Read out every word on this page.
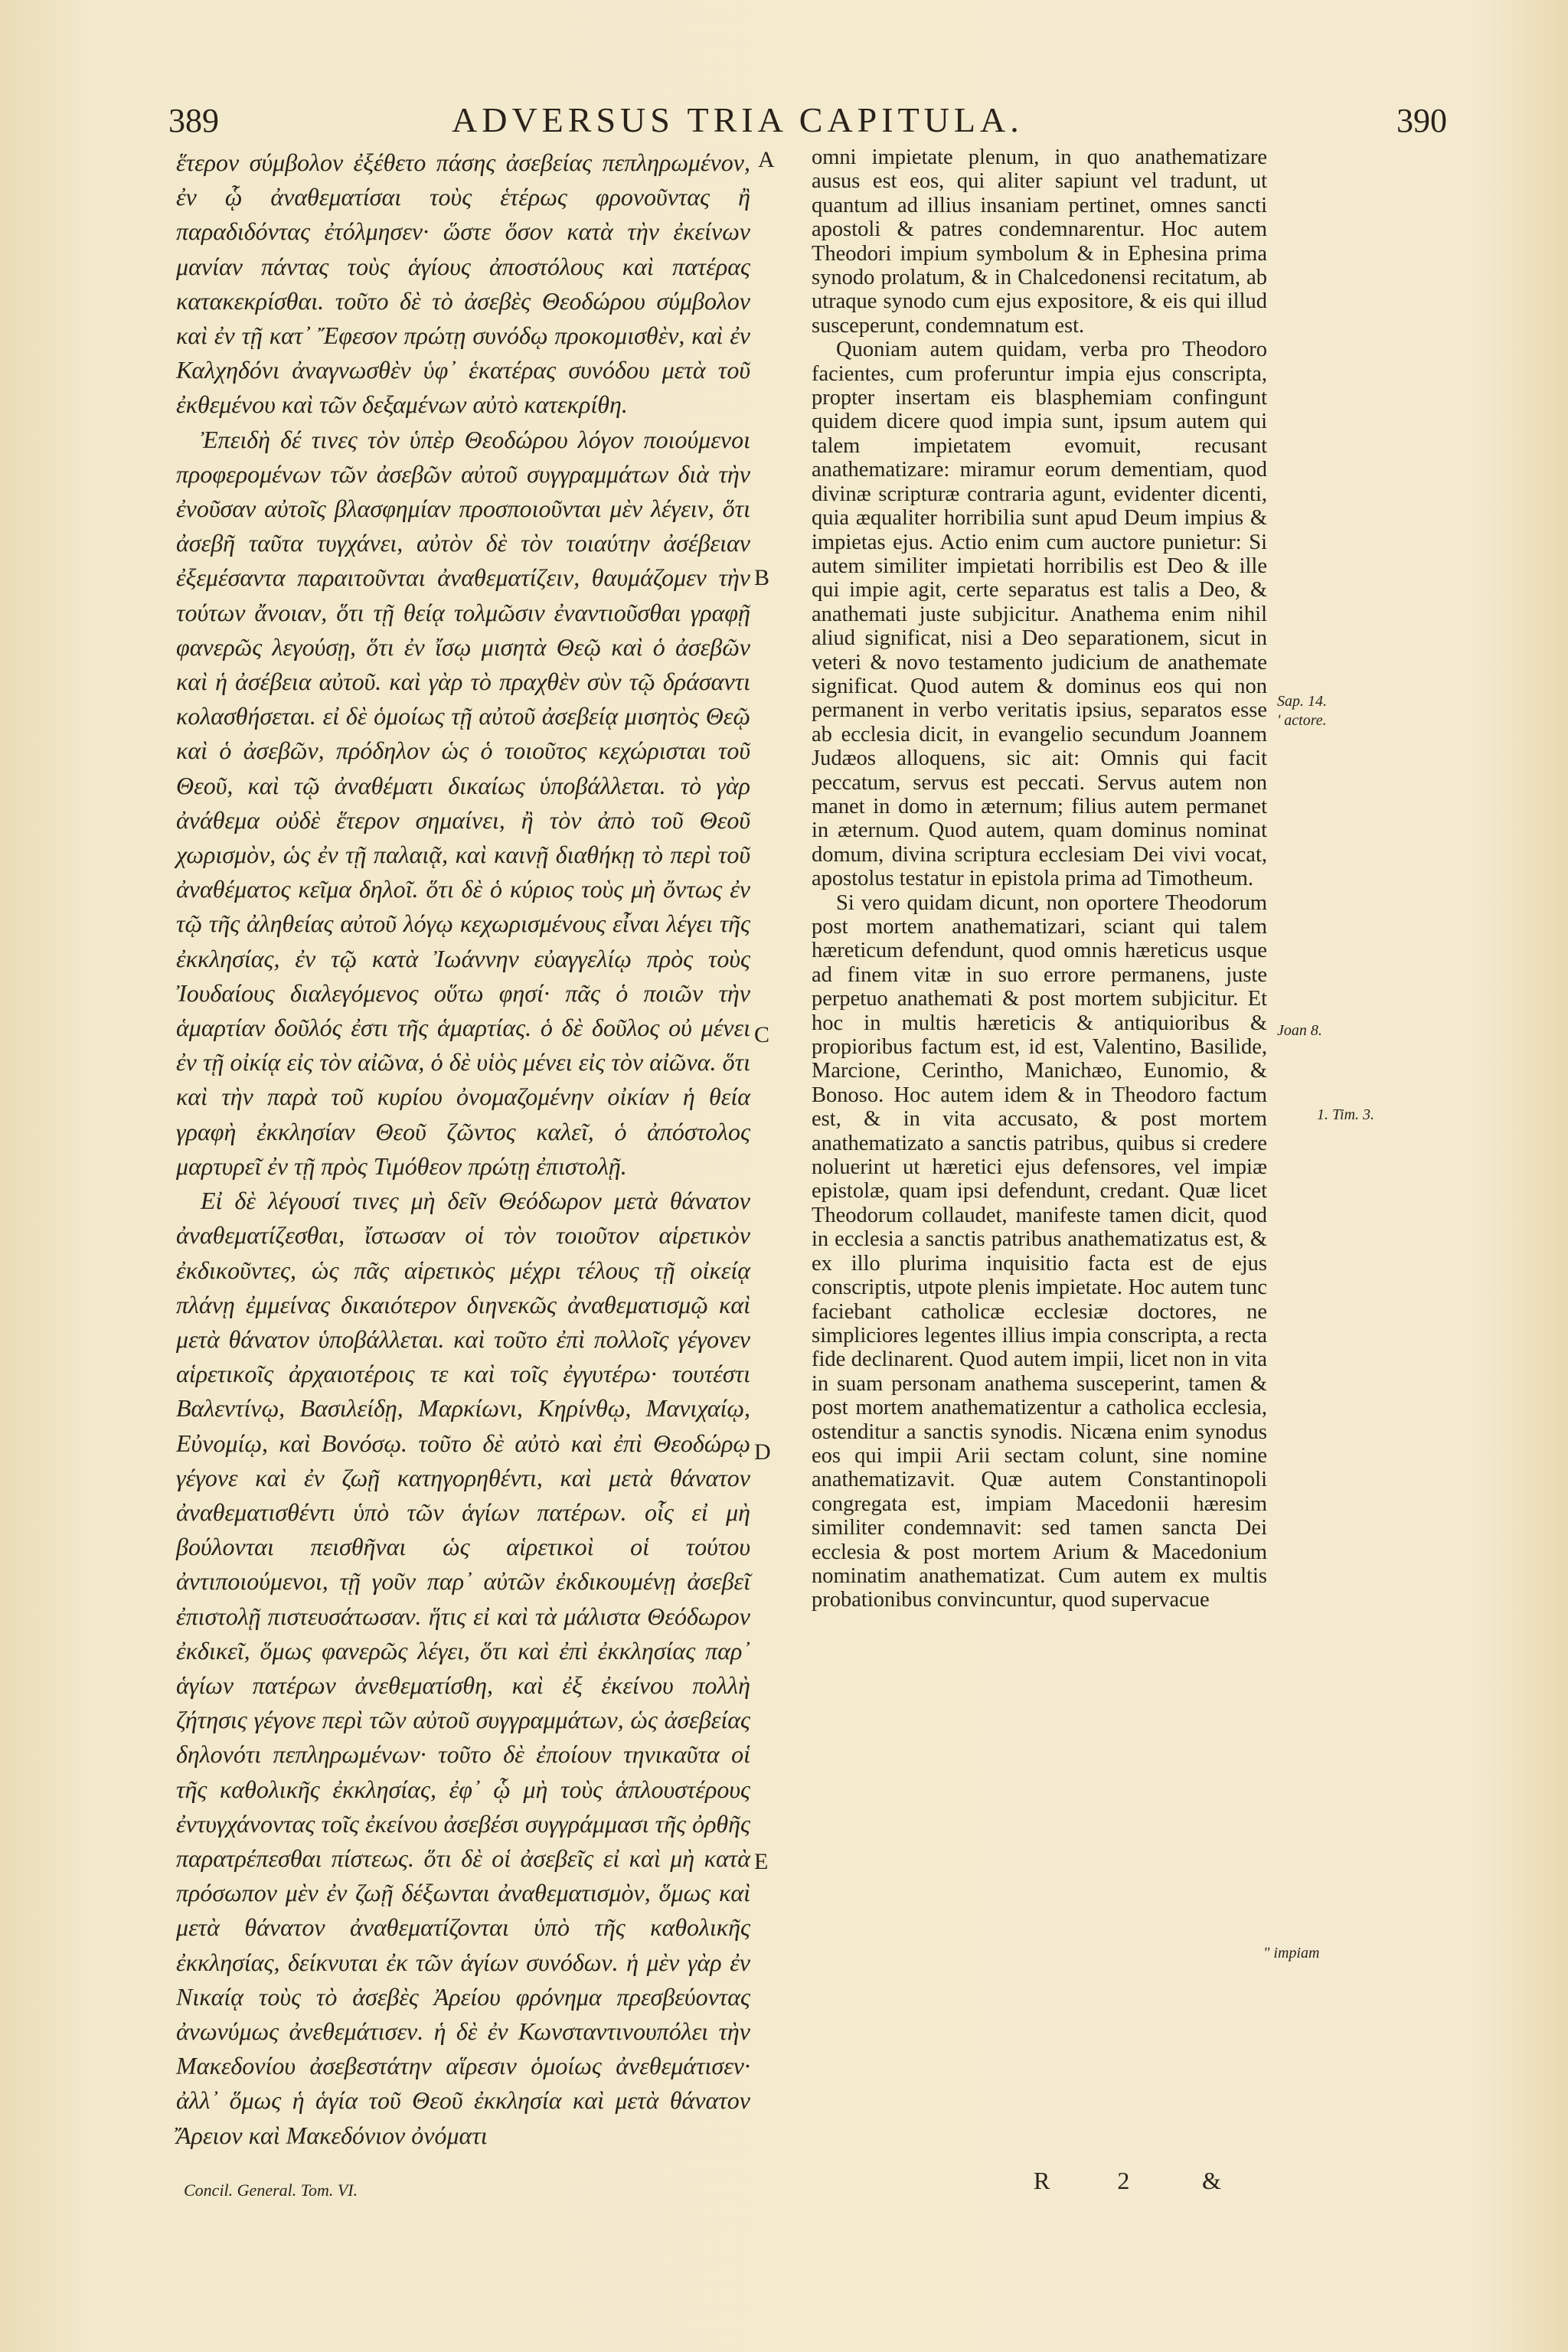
389	ADVERSUS TRIA CAPITULA.	390

ἕτερον σύμβολον ἐξέθετο πάσης ἀσεβείας πεπληρωμένον, ἐν ᾧ ἀναθεματίσαι τοὺς ἑτέρως φρονοῦντας ἢ παραδιδόντας ἐτόλμησεν· ὥστε ὅσον κατὰ τὴν ἐκείνων μανίαν πάντας τοὺς ἁγίους ἀποστόλους καὶ πατέρας κατακεκρίσθαι. τοῦτο δὲ τὸ ἀσεβὲς Θεοδώρου σύμβολον καὶ ἐν τῇ κατ᾽ Ἔφεσον πρώτῃ συνόδῳ προκομισθὲν, καὶ ἐν Καλχηδόνι ἀναγνωσθὲν ὑφ᾽ ἑκατέρας συνόδου μετὰ τοῦ ἐκθεμένου καὶ τῶν δεξαμένων αὐτὸ κατεκρίθη.

Ἐπειδὴ δέ τινες τὸν ὑπὲρ Θεοδώρου λόγον ποιούμενοι προφερομένων τῶν ἀσεβῶν αὐτοῦ συγγραμμάτων διὰ τὴν ἐνοῦσαν αὐτοῖς βλασφημίαν προσποιοῦνται μὲν λέγειν, ὅτι ἀσεβῆ ταῦτα τυγχάνει, αὐτὸν δὲ τὸν τοιαύτην ἀσέβειαν ἐξεμέσαντα παραιτοῦνται ἀναθεματίζειν, θαυμάζομεν τὴν τούτων ἄνοιαν, ὅτι τῇ θείᾳ τολμῶσιν ἐναντιοῦσθαι γραφῇ φανερῶς λεγούσῃ, ὅτι ἐν ἴσῳ μισητὰ Θεῷ καὶ ὁ ἀσεβῶν καὶ ἡ ἀσέβεια αὐτοῦ. καὶ γὰρ τὸ πραχθὲν σὺν τῷ δράσαντι κολασθήσεται. εἰ δὲ ὁμοίως τῇ αὐτοῦ ἀσεβείᾳ μισητὸς Θεῷ καὶ ὁ ἀσεβῶν, πρόδηλον ὡς ὁ τοιοῦτος κεχώρισται τοῦ Θεοῦ, καὶ τῷ ἀναθέματι δικαίως ὑποβάλλεται. τὸ γὰρ ἀνάθεμα οὐδὲ ἕτερον σημαίνει, ἢ τὸν ἀπὸ τοῦ Θεοῦ χωρισμὸν, ὡς ἐν τῇ παλαιᾷ, καὶ καινῇ διαθήκῃ τὸ περὶ τοῦ ἀναθέματος κεῖμα δηλοῖ. ὅτι δὲ ὁ κύριος τοὺς μὴ ὄντως ἐν τῷ τῆς ἀληθείας αὐτοῦ λόγῳ κεχωρισμένους εἶναι λέγει τῆς ἐκκλησίας, ἐν τῷ κατὰ Ἰωάννην εὐαγγελίῳ πρὸς τοὺς Ἰουδαίους διαλεγόμενος οὕτω φησί· πᾶς ὁ ποιῶν τὴν ἁμαρτίαν δοῦλός ἐστι τῆς ἁμαρτίας. ὁ δὲ δοῦλος οὐ μένει ἐν τῇ οἰκίᾳ εἰς τὸν αἰῶνα, ὁ δὲ υἱὸς μένει εἰς τὸν αἰῶνα. ὅτι καὶ τὴν παρὰ τοῦ κυρίου ὀνομαζομένην οἰκίαν ἡ θεία γραφὴ ἐκκλησίαν Θεοῦ ζῶντος καλεῖ, ὁ ἀπόστολος μαρτυρεῖ ἐν τῇ πρὸς Τιμόθεον πρώτῃ ἐπιστολῇ.

Εἰ δὲ λέγουσί τινες μὴ δεῖν Θεόδωρον μετὰ θάνατον ἀναθεματίζεσθαι, ἴστωσαν οἱ τὸν τοιοῦτον αἱρετικὸν ἐκδικοῦντες, ὡς πᾶς αἱρετικὸς μέχρι τέλους τῇ οἰκείᾳ πλάνῃ ἐμμείνας δικαιότερον διηνεκῶς ἀναθεματισμῷ καὶ μετὰ θάνατον ὑποβάλλεται. καὶ τοῦτο ἐπὶ πολλοῖς γέγονεν αἱρετικοῖς ἀρχαιοτέροις τε καὶ τοῖς ἐγγυτέρω· τουτέστι Βαλεντίνῳ, Βασιλείδῃ, Μαρκίωνι, Κηρίνθῳ, Μανιχαίῳ, Εὐνομίῳ, καὶ Βονόσῳ. τοῦτο δὲ αὐτὸ καὶ ἐπὶ Θεοδώρῳ γέγονε καὶ ἐν ζωῇ κατηγορηθέντι, καὶ μετὰ θάνατον ἀναθεματισθέντι ὑπὸ τῶν ἁγίων πατέρων. οἷς εἰ μὴ βούλονται πεισθῆναι ὡς αἱρετικοὶ οἱ τούτου ἀντιποιούμενοι, τῇ γοῦν παρ᾽ αὐτῶν ἐκδικουμένῃ ἀσεβεῖ ἐπιστολῇ πιστευσάτωσαν. ἥτις εἰ καὶ τὰ μάλιστα Θεόδωρον ἐκδικεῖ, ὅμως φανερῶς λέγει, ὅτι καὶ ἐπὶ ἐκκλησίας παρ᾽ ἁγίων πατέρων ἀνεθεματίσθη, καὶ ἐξ ἐκείνου πολλὴ ζήτησις γέγονε περὶ τῶν αὐτοῦ συγγραμμάτων, ὡς ἀσεβείας δηλονότι πεπληρωμένων· τοῦτο δὲ ἐποίουν τηνικαῦτα οἱ τῆς καθολικῆς ἐκκλησίας, ἐφ᾽ ᾧ μὴ τοὺς ἁπλουστέρους ἐντυγχάνοντας τοῖς ἐκείνου ἀσεβέσι συγγράμμασι τῆς ὀρθῆς παρατρέπεσθαι πίστεως. ὅτι δὲ οἱ ἀσεβεῖς εἰ καὶ μὴ κατὰ πρόσωπον μὲν ἐν ζωῇ δέξωνται ἀναθεματισμὸν, ὅμως καὶ μετὰ θάνατον ἀναθεματίζονται ὑπὸ τῆς καθολικῆς ἐκκλησίας, δείκνυται ἐκ τῶν ἁγίων συνόδων. ἡ μὲν γὰρ ἐν Νικαίᾳ τοὺς τὸ ἀσεβὲς Ἀρείου φρόνημα πρεσβεύοντας ἀνωνύμως ἀνεθεμάτισεν. ἡ δὲ ἐν Κωνσταντινουπόλει τὴν Μακεδονίου ἀσεβεστάτην αἵρεσιν ὁμοίως ἀνεθεμάτισεν· ἀλλ᾽ ὅμως ἡ ἁγία τοῦ Θεοῦ ἐκκλησία καὶ μετὰ θάνατον Ἄρειον καὶ Μακεδόνιον ὀνόματι

omni impietate plenum, in quo anathematizare ausus est eos, qui aliter sapiunt vel tradunt, ut quantum ad illius insaniam pertinet, omnes sancti apostoli & patres condemnarentur. Hoc autem Theodori impium symbolum & in Ephesina prima synodo prolatum, & in Chalcedonensi recitatum, ab utraque synodo cum ejus expositore, & eis qui illud susceperunt, condemnatum est.

Quoniam autem quidam, verba pro Theodoro facientes, cum proferuntur impia ejus conscripta, propter insertam eis blasphemiam confingunt quidem dicere quod impia sunt, ipsum autem qui talem impietatem evomuit, recusant anathematizare: miramur eorum dementiam, quod divinæ scripturæ contraria agunt, evidenter dicenti, quia æqualiter horribilia sunt apud Deum impius & impietas ejus. Actio enim cum auctore punietur: Si autem similiter impietati horribilis est Deo & ille qui impie agit, certe separatus est talis a Deo, & anathemati juste subjicitur. Anathema enim nihil aliud significat, nisi a Deo separationem, sicut in veteri & novo testamento judicium de anathemate significat. Quod autem & dominus eos qui non permanent in verbo veritatis ipsius, separatos esse ab ecclesia dicit, in evangelio secundum Joannem Judæos alloquens, sic ait: Omnis qui facit peccatum, servus est peccati. Servus autem non manet in domo in æternum; filius autem permanet in æternum. Quod autem, quam dominus nominat domum, divina scriptura ecclesiam Dei vivi vocat, apostolus testatur in epistola prima ad Timotheum.

Si vero quidam dicunt, non oportere Theodorum post mortem anathematizari, sciant qui talem hæreticum defendunt, quod omnis hæreticus usque ad finem vitæ in suo errore permanens, juste perpetuo anathemati & post mortem subjicitur. Et hoc in multis hæreticis & antiquioribus & propioribus factum est, id est, Valentino, Basilide, Marcione, Cerintho, Manichæo, Eunomio, & Bonoso. Hoc autem idem & in Theodoro factum est, & in vita accusato, & post mortem anathematizato a sanctis patribus, quibus si credere noluerint ut hæretici ejus defensores, vel impiæ epistolæ, quam ipsi defendunt, credant. Quæ licet Theodorum collaudet, manifeste tamen dicit, quod in ecclesia a sanctis patribus anathematizatus est, & ex illo plurima inquisitio facta est de ejus conscriptis, utpote plenis impietate. Hoc autem tunc faciebant catholicæ ecclesiæ doctores, ne simpliciores legentes illius impia conscripta, a recta fide declinarent. Quod autem impii, licet non in vita in suam personam anathema susceperint, tamen & post mortem anathematizentur a catholica ecclesia, ostenditur a sanctis synodis. Nicæna enim synodus eos qui impii Arii sectam colunt, sine nomine anathematizavit. Quæ autem Constantinopoli congregata est, impiam Macedonii hæresim similiter condemnavit: sed tamen sancta Dei ecclesia & post mortem Arium & Macedonium nominatim anathematizat. Cum autem ex multis probationibus convincuntur, quod supervacue

A
B
C
D
E
Sap. 14.
ʹ actore.
Joan 8.
1. Tim. 3.
ʺ impiam
Concil. General. Tom. VI.	R 2 &
